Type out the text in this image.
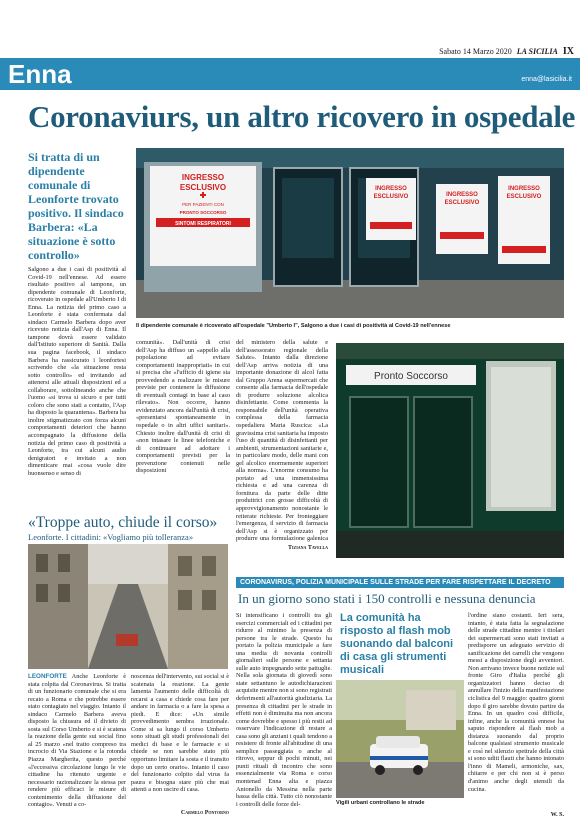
Sabato 14 Marzo 2020 LA SICILIA IX
Enna	enna@lasicilia.it
Coronaviurs, un altro ricovero in ospedale
Si tratta di un dipendente comunale di Leonforte trovato positivo. Il sindaco Barbera: «La situazione è sotto controllo»
INGRESSO
ESCLUSIVO
PER PAZIENTI CON
PRONTO SOCCORSO
SINTOMI RESPIRATORI
INGRESSO
ESCLUSIVO	INGRESSO
ESCLUSIVO
INGRESSO
ESCLUSIVO
Il dipendente comunale è ricoverato all'ospedale "Umberto I", Salgono a due i casi di positività al Covid-19 nell'ennese
Salgono a due i casi di positività al Covid-19 nell'ennese. Ad essere risultato positivo al tampone, un dipendente comunale di Leonforte, ricoverato in ospedale all'Umberto I di Enna. La notizia del primo caso a Leonforte è stata confermata dal sindaco Carmelo Barbera dopo aver ricevuto notizia dall'Asp di Enna. Il tampone dovrà essere validato dall'Istituto superiore di Sanità. Dalla sua pagina facebook, il sindaco Barbera ha rassicurato i leonfortesi scrivendo che «la situazione resta sotto controllo» ed invitando ad attenersi alle attuali disposizioni ed a collaborare, sottolineando anche che l'uomo «si trova si sicuro e per tutti coloro che sono stati a contatto, l'Asp ha disposto la quarantena». Barbera ha inoltre stigmatizzato con forza alcuni comportamenti deteriori che hanno accompagnato la diffusione della notizia del primo caso di positività a Leonforte, tra cui alcuni audio denigratori e invitato a non dimenticare mai «cosa vuole dire buonsenso e senso di
comunità». Dall'unità di crisi dell'Asp ha diffuso un «appello alla popolazione ad evitare comportamenti inappropriati» in cui si precisa che «l'ufficio di igiene sta provvedendo a realizzare le misure previste per contenere la diffusione di eventuali contagi in base al caso rilevato». Non occorre, hanno evidenziato ancora dall'unità di crisi, «presentarsi spontaneamente in ospedale o in altri uffici sanitari». Chiesto inoltre dall'unità di crisi di «non intasare le linee telefoniche e di continuare ad adottare i comportamenti previsti per la prevenzione contenuti nelle disposizioni
del ministero della salute e dell'assessorato regionale della Salute». Intanto dalla direzione dell'Asp arriva notizia di una importante donazione di alcol fatta dal Gruppo Arena supermercati che consente alla farmacia dell'ospedale di produrre soluzione alcolica disinfettante. Come commenta la responsabile dell'unità operativa complessa della farmacia ospedaliera Maria Ruscica: «La gravissima crisi sanitaria ha imposto l'uso di quantità di disinfettanti per ambienti, strumentazioni sanitarie e, in particolare modo, delle mani con gel alcolico enormemente superiori alla norma». L'enorme consumo ha portato ad una immensissima richiesta e ad una carenza di fornitura da parte delle ditte produttrici con grosse difficoltà di approvvigionamento nonostante le reiterate richieste. Per fronteggiare l'emergenza, il servizio di farmacia dell'Asp si è organizzato per produrre una formulazione galenica
Tiziana Tavella
Pronto Soccorso
«Troppe auto, chiude il corso»
Leonforte. I cittadini: «Vogliamo più tolleranza»
LEONFORTE Anche Leonforte è stata colpita dal Coronavirus. Si tratta di un funzionario comunale che si era recato a Roma e che potrebbe essere stato contagiato nel viaggio. Intanto il sindaco Carmelo Barbera aveva disposto la chiusura ed il divieto di sosta sul Corso Umberto e si è scatena la reazione della gente sui social fino al 25 marzo «nel tratto compreso tra incrocio di Via Stazione e la rotonda Piazza Margherita, questo perché «l'eccessiva circolazione lungo le vie cittadine ha ritenuto urgente e necessario razionalizzare la stessa per rendere più efficaci le misure di contenimento della diffusione del contagio». Venuti a co-
noscenza dell'intervento, sui social si è scatenata la reazione. La gente lamenta l'aumento delle difficoltà di recarsi a casa e chiede cosa fare per andare in farmacia o a fare la spesa a piedi. E dice: «Un simile provvedimento sembra irrazionale. Come si sa lungo il corso Umberto sono situati gli studi professionali dei medici di base e le farmacie e si chiede se non sarebbe stato più opportuno limitare la sosta e il transito dopo un certo orario». Intanto il caso del funzionario colpito dal virus fa paura e bisogna stare più che mai attenti a non uscire di casa.
Carmelo Pontorno
CORONAVIRUS, POLIZIA MUNICIPALE SULLE STRADE PER FARE RISPETTARE IL DECRETO
In un giorno sono stati i 150 controlli e nessuna denuncia
Si intensificano i controlli tra gli esercizi commerciali ed i cittadini per ridurre al minimo la presenza di persone tra le strade. Questo ha portato la polizia municipale a fare una media di novanta controlli giornalieri sulle persone e settanta sulle auto impegnando sette pattuglie. Nella sola giornata di giovedì sono state settantuno le autodichiarazioni acquisite mentre non si sono registrati deferimenti all'autorità giudiziaria. La presenza di cittadini per le strade in effetti non è diminuita ma non ancora come dovrebbe e spesso i più restii ad osservare l'indicazione di restare a casa sono gli anziani i quali tendono a resistere di fronte all'abitudine di una semplice passeggiata o anche al ritrovo, seppur di pochi minuti, nei punti rituali di incontro che sono essenzialmente via Roma e corso montenad Enna alta e piazza Antonello da Messina nella parte bassa della città. Tutto ciò nonostante i controlli delle forze del-
La comunità ha risposto al flash mob suonando dal balconi di casa gli strumenti musicali
Vigili urbani controllano le strade
l'ordine siano costanti. Ieri sera, intanto, è stata fatta la segnalazione delle strade cittadine mentre i titolari dei supermercati sono stati invitati a predisporre un adeguato servizio di sanificazione dei carrelli che vengono messi a disposizione degli avventori. Non arrivano invece buone notizie sul fronte Giro d'Italia perché gli organizzatori hanno deciso di annullare l'inizio della manifestazione ciclistica del 9 maggio: quattro giorni dopo il giro sarebbe dovuto partire da Enna. In un quadro così difficile, infine, anche la comunità ennese ha saputo rispondere al flash mob a distanza suonando dal proprio balcone qualsiasi strumento musicale e così nel silenzio spettrale della città si sono uditi flauti che hanno intonato l'inno di Mameli, armoniche, sax, chitarre e per chi non si è perso d'animo anche degli utensili da cucina.
W. S.
